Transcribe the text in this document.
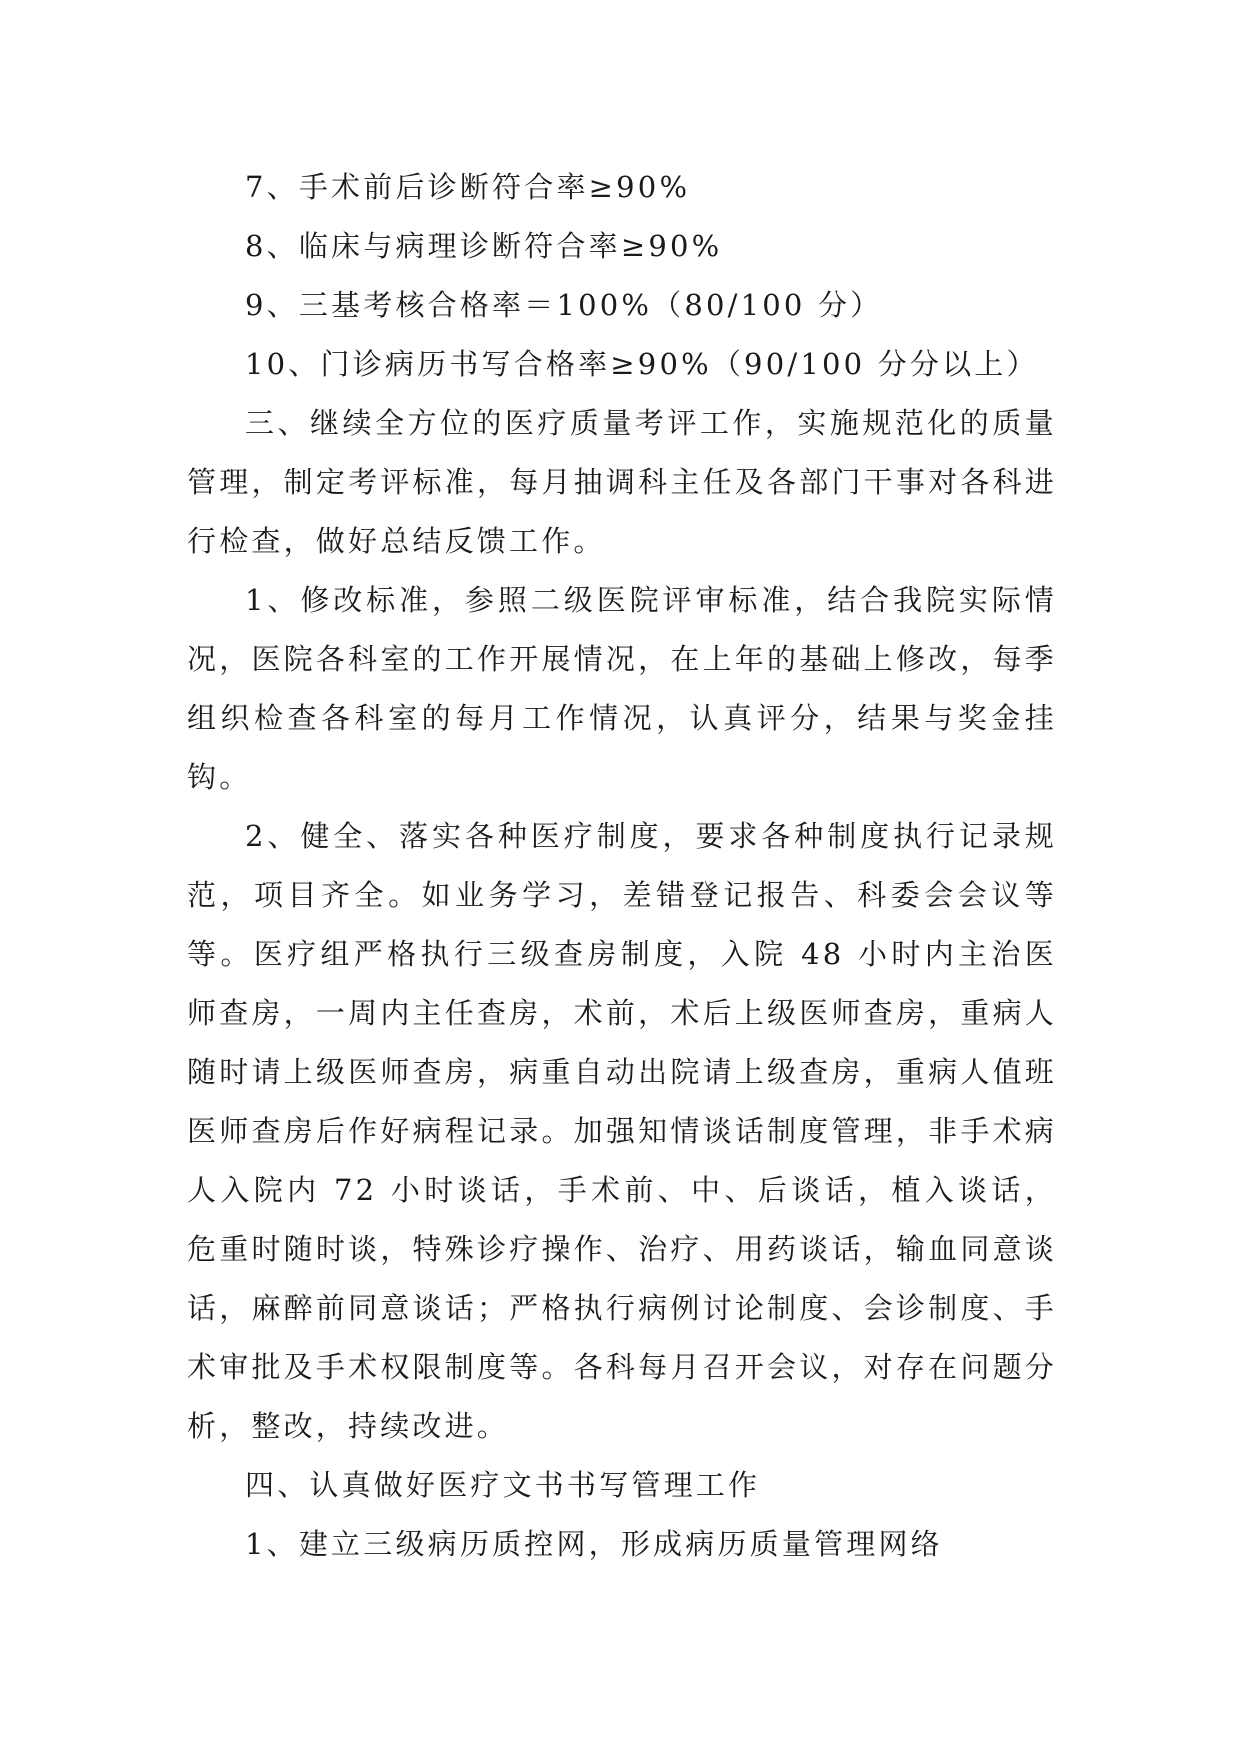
7、手术前后诊断符合率≥90%

8、临床与病理诊断符合率≥90%

9、三基考核合格率＝100%（80/100 分）

10、门诊病历书写合格率≥90%（90/100 分分以上）

三、继续全方位的医疗质量考评工作，实施规范化的质量管理，制定考评标准，每月抽调科主任及各部门干事对各科进行检查，做好总结反馈工作。

1、修改标准，参照二级医院评审标准，结合我院实际情况，医院各科室的工作开展情况，在上年的基础上修改，每季组织检查各科室的每月工作情况，认真评分，结果与奖金挂钩。

2、健全、落实各种医疗制度，要求各种制度执行记录规范，项目齐全。如业务学习，差错登记报告、科委会会议等等。医疗组严格执行三级查房制度，入院 48 小时内主治医师查房，一周内主任查房，术前，术后上级医师查房，重病人随时请上级医师查房，病重自动出院请上级查房，重病人值班医师查房后作好病程记录。加强知情谈话制度管理，非手术病人入院内 72 小时谈话，手术前、中、后谈话，植入谈话，危重时随时谈，特殊诊疗操作、治疗、用药谈话，输血同意谈话，麻醉前同意谈话；严格执行病例讨论制度、会诊制度、手术审批及手术权限制度等。各科每月召开会议，对存在问题分析，整改，持续改进。

四、认真做好医疗文书书写管理工作

1、建立三级病历质控网，形成病历质量管理网络
